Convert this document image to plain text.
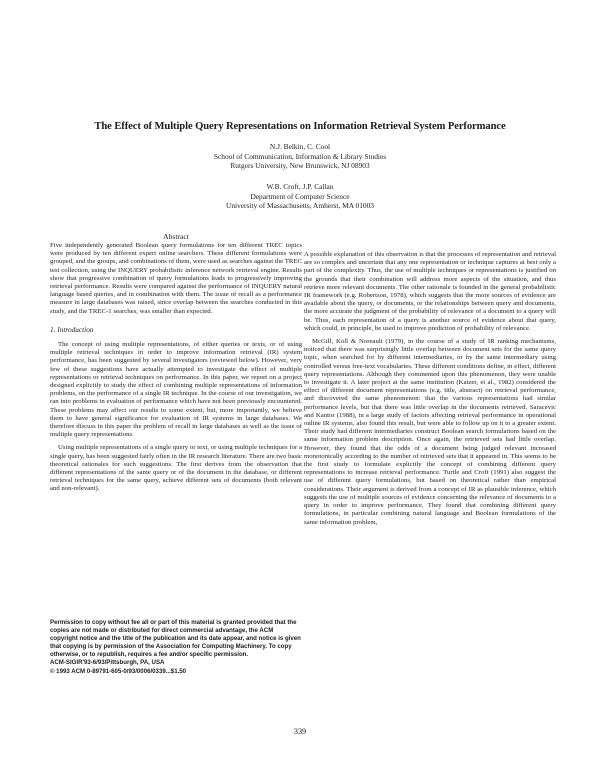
The Effect of Multiple Query Representations on Information Retrieval System Performance
N.J. Belkin, C. Cool
School of Communication, Information & Library Studies
Rutgers University, New Brunswick, NJ 08903
W.B. Croft, J.P. Callan
Department of Computer Science
University of Massachusetts, Amherst, MA 01003
Abstract

Five independently generated Boolean query formulations for ten different TREC topics were produced by ten different expert online searchers. These different formulations were grouped, and the groups, and combinations of them, were used as searches against the TREC test collection, using the INQUERY probabilistic inference network retrieval engine. Results show that progressive combination of query formulations leads to progressively improving retrieval performance. Results were compared against the performance of INQUERY natural language based queries, and in combination with them. The issue of recall as a performance measure in large databases was raised, since overlap between the searches conducted in this study, and the TREC-1 searches, was smaller than expected.

1. Introduction

The concept of using multiple representations, of either queries or texts, or of using multiple retrieval techniques in order to improve information retrieval (IR) system performance, has been suggested by several investigators (reviewed below). However, very few of these suggestions have actually attempted to investigate the effect of multiple representations or retrieval techniques on performance. In this paper, we report on a project designed explicitly to study the effect of combining multiple representations of information problems, on the performance of a single IR technique. In the course of our investigation, we ran into problems in evaluation of performance which have not been previously encountered. These problems may affect our results to some extent, but, more importantly, we believe them to have general significance for evaluation of IR systems in large databases. We therefore discuss in this paper the problem of recall in large databases as well as the issue of multiple query representations.

Using multiple representations of a single query or text, or using multiple techniques for a single query, has been suggested fairly often in the IR research literature. There are two basic theoretical rationales for such suggestions. The first derives from the observation that different representations of the same query or of the document in the database, or different retrieval techniques for the same query, achieve different sets of documents (both relevant and non-relevant).

Permission to copy without fee all or part of this material is granted provided that the copies are not made or distributed for direct commercial advantage, the ACM copyright notice and the title of the publication and its date appear, and notice is given that copying is by permission of the Association for Computing Machinery. To copy otherwise, or to republish, requires a fee and/or specific permission.

ACM-SIGIR'93-6/93/Pittsburgh, PA, USA

© 1993 ACM 0-89791-605-0/93/0006/0339...$1.50

A possible explanation of this observation is that the processes of representation and retrieval are so complex and uncertain that any one representation or technique captures at best only a part of the complexity. Thus, the use of multiple techniques or representations is justified on the grounds that their combination will address more aspects of the situation, and thus retrieve more relevant documents. The other rationale is founded in the general probabilistic IR framework (e.g. Robertson, 1978), which suggests that the more sources of evidence are available about the query, or documents, or the relationships between query and documents, the more accurate the judgment of the probability of relevance of a document to a query will be. Thus, each representation of a query is another source of evidence about that query, which could, in principle, be used to improve prediction of probability of relevance.

McGill, Koll & Noreault (1979), in the course of a study of IR ranking mechanisms, noticed that there was surprisingly little overlap between document sets for the same query topic, when searched for by different intermediaries, or by the same intermediary using controlled versus free-text vocabularies. These different conditions define, in effect, different query representations. Although they commented upon this phenomenon, they were unable to investigate it. A later project at the same institution (Katzer, et al., 1982) considered the effect of different document representations (e.g. title, abstract) on retrieval performance, and discovered the same phenomenon: that the various representations had similar performance levels, but that there was little overlap in the documents retrieved. Saracevic and Kantor (1988), in a large study of factors affecting retrieval performance in operational online IR systems, also found this result, but were able to follow up on it to a greater extent. Their study had different intermediaries construct Boolean search formulations based on the same information problem description. Once again, the retrieved sets had little overlap. However, they found that the odds of a document being judged relevant increased monotonically according to the number of retrieved sets that it appeared in. This seems to be the first study to formulate explicitly the concept of combining different query representations to increase retrieval performance. Turtle and Croft (1991) also suggest the use of different query formulations, but based on theoretical rather than empirical considerations. Their argument is derived from a concept of IR as plausible inference, which suggests the use of multiple sources of evidence concerning the relevance of documents to a query in order to improve performance. They found that combining different query formulations, in particular combining natural language and Boolean formulations of the same information problem,

339
